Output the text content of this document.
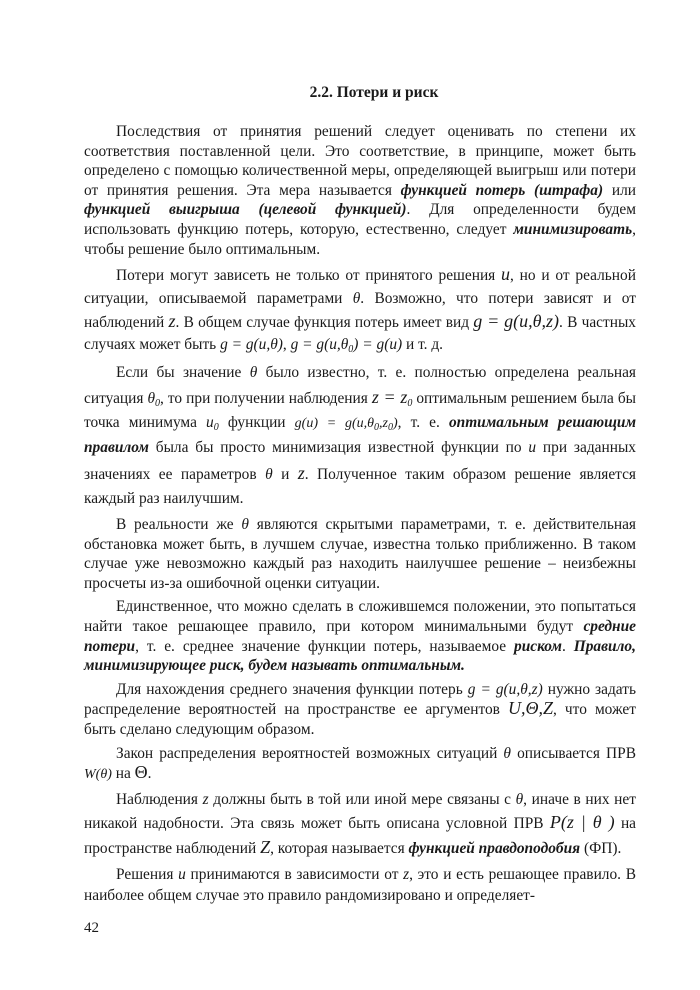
2.2. Потери и риск

Последствия от принятия решений следует оценивать по степени их соответствия поставленной цели. Это соответствие, в принципе, может быть определено с помощью количественной меры, определяющей выигрыш или потери от принятия решения. Эта мера называется функцией потерь (штрафа) или функцией выигрыша (целевой функцией). Для определенности будем использовать функцию потерь, которую, естественно, следует минимизировать, чтобы решение было оптимальным.

Потери могут зависеть не только от принятого решения u, но и от реальной ситуации, описываемой параметрами θ. Возможно, что потери зависят и от наблюдений z. В общем случае функция потерь имеет вид g = g(u,θ,z). В частных случаях может быть g = g(u,θ), $g = g(u,\theta_0) = g(u)$ и т. д.

Если бы значение θ было известно, т. е. полностью определена реальная ситуация $\theta_0$, то при получении наблюдения $z = z_0$ оптимальным решением была бы точка минимума $u_0$ функции $g(u) = g(u,\theta_0,z_0)$, т. е. оптимальным решающим правилом была бы просто минимизация известной функции по u при заданных значениях ее параметров θ и z. Полученное таким образом решение является каждый раз наилучшим.

В реальности же θ являются скрытыми параметрами, т. е. действительная обстановка может быть, в лучшем случае, известна только приближенно. В таком случае уже невозможно каждый раз находить наилучшее решение – неизбежны просчеты из-за ошибочной оценки ситуации.

Единственное, что можно сделать в сложившемся положении, это попытаться найти такое решающее правило, при котором минимальными будут средние потери, т. е. среднее значение функции потерь, называемое риском. Правило, минимизирующее риск, будем называть оптимальным.

Для нахождения среднего значения функции потерь g = g(u,θ,z) нужно задать распределение вероятностей на пространстве ее аргументов U,Θ,Z, что может быть сделано следующим образом.

Закон распределения вероятностей возможных ситуаций θ описывается ПРВ W(θ) на Θ.

Наблюдения z должны быть в той или иной мере связаны с θ, иначе в них нет никакой надобности. Эта связь может быть описана условной ПРВ P(z | θ ) на пространстве наблюдений Z, которая называется функцией правдоподобия (ФП).

Решения u принимаются в зависимости от z, это и есть решающее правило. В наиболее общем случае это правило рандомизировано и определяет-

42
